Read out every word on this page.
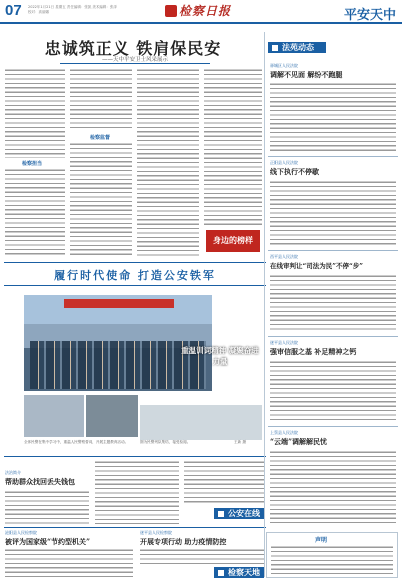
07 2022年1月21日 星期五 责任编辑：张凯 美术编辑：张泽 校对：高丽娜	检察日报	平安天中
忠诚筑正义 铁肩保民安
——天中平安卫士风采展示
检察担当
检察监督
身边的榜样
履行时代使命 打造公安铁军
重温训词精神 凝聚奋进力量
全体民警在集中学习中，重温人民警察誓词，开展主题教育活动。	图为民警列队集结，接受检阅。	王新 摄
法治简介
帮助群众找回丢失钱包
公安在线
泌阳县人民检察院
被评为国家级“节约型机关”
遂平县人民检察院
开展专项行动 助力疫情防控
检察天地
法苑动态
驿城区人民法院
调解不见面 解纷不跑腿
正阳县人民法院
线下执行不停歇
西平县人民法院
在线审判让“司法为民”不停“步”
遂平县人民法院
强审信服之基 补足精神之钙
上蔡县人民法院
“云端”调解解民忧
声明
